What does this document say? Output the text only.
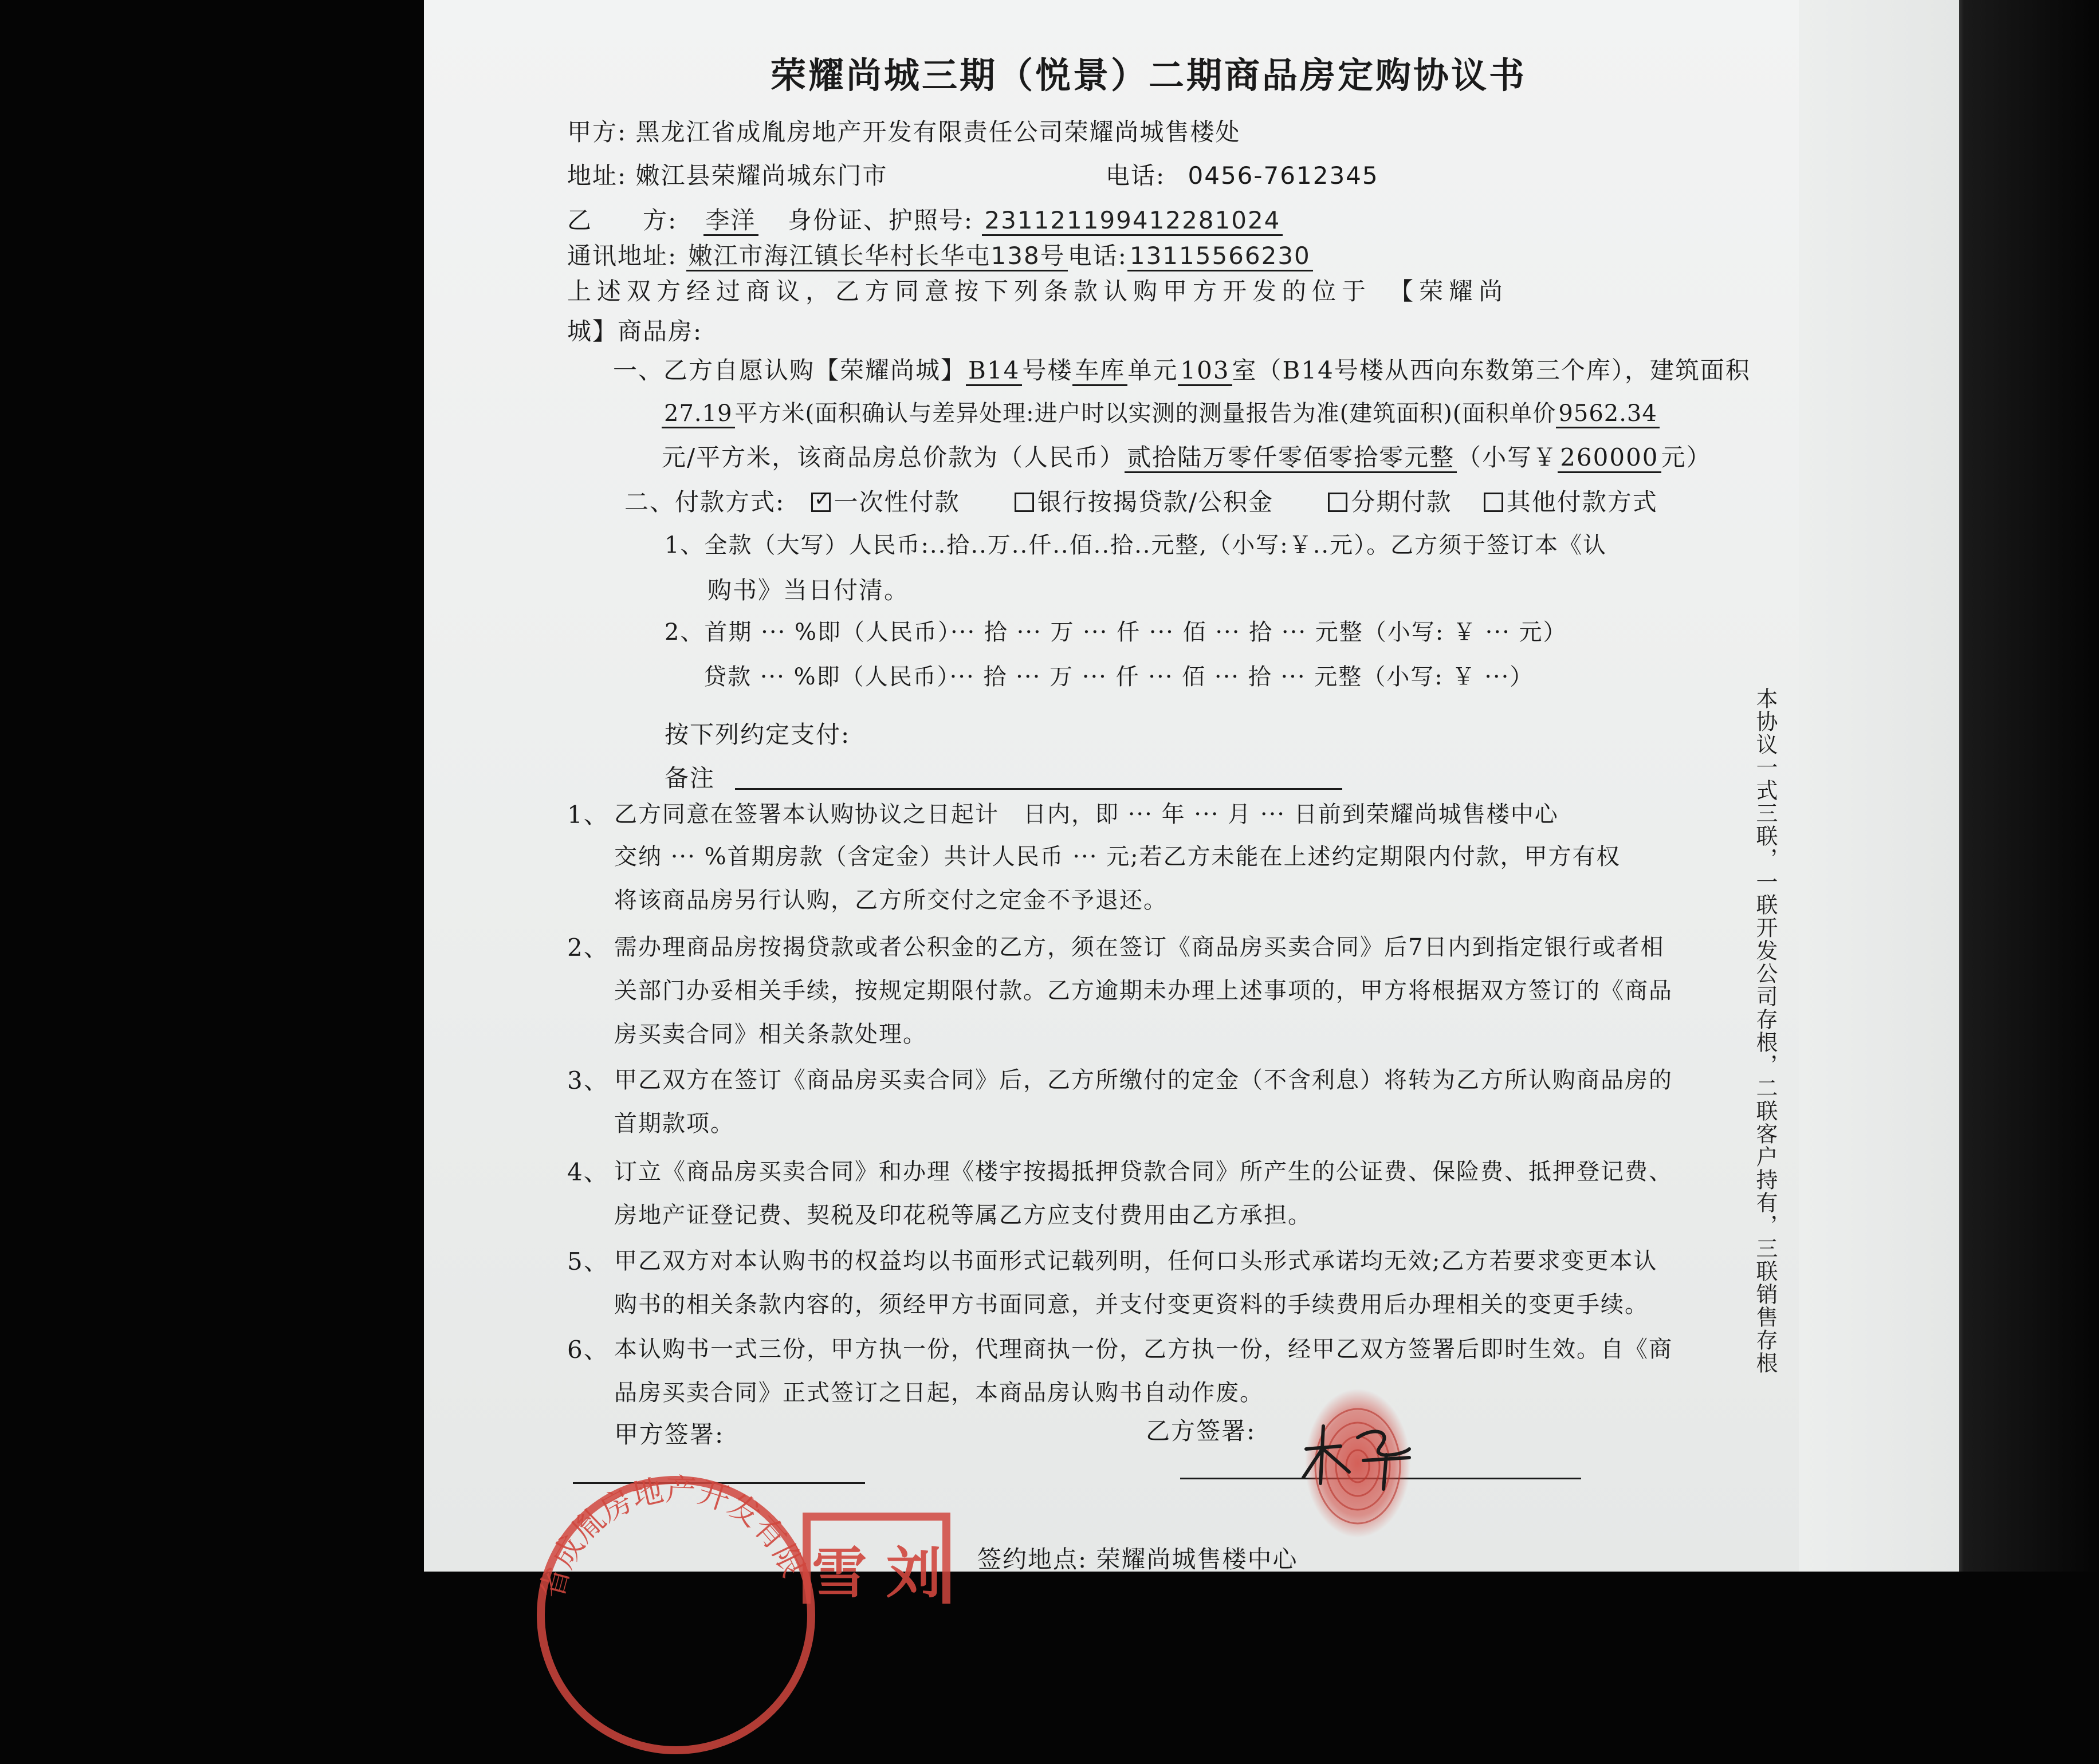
荣耀尚城三期（悦景）二期商品房定购协议书
甲方: 黑龙江省成胤房地产开发有限责任公司荣耀尚城售楼处
地址: 嫩江县荣耀尚城东门市	电话: 0456-7612345
乙　　方: 李洋 身份证、护照号: 231121199412281024
通讯地址: 嫩江市海江镇长华村长华屯138号电话:13115566230
上述双方经过商议，乙方同意按下列条款认购甲方开发的位于　【荣耀尚
城】商品房:
一、乙方自愿认购【荣耀尚城】B14号楼车库单元103室（B14号楼从西向东数第三个库），建筑面积
27.19 平方米(面积确认与差异处理:进户时以实测的测量报告为准(建筑面积)(面积单价 9562.34
元/平方米，该商品房总价款为（人民币）贰拾陆万零仟零佰零拾零元整（小写￥260000元）
二、付款方式: ✓ 一次性付款	银行按揭贷款/公积金	分期付款 其他付款方式
1、全款（大写）人民币:..拾..万..仟..佰..拾..元整,（小写:￥..元）。乙方须于签订本《认
购书》当日付清。
2、首期 ··· %即（人民币）··· 拾 ··· 万 ··· 仟 ··· 佰 ··· 拾 ··· 元整（小写: ￥ ··· 元）
贷款 ··· %即（人民币）··· 拾 ··· 万 ··· 仟 ··· 佰 ··· 拾 ··· 元整（小写: ￥ ···）
按下列约定支付:
备注
1、 乙方同意在签署本认购协议之日起计　日内，即 ··· 年 ··· 月 ··· 日前到荣耀尚城售楼中心
交纳 ··· %首期房款（含定金）共计人民币 ··· 元;若乙方未能在上述约定期限内付款，甲方有权
将该商品房另行认购，乙方所交付之定金不予退还。
2、 需办理商品房按揭贷款或者公积金的乙方，须在签订《商品房买卖合同》后7日内到指定银行或者相
关部门办妥相关手续，按规定期限付款。乙方逾期未办理上述事项的，甲方将根据双方签订的《商品
房买卖合同》相关条款处理。
3、 甲乙双方在签订《商品房买卖合同》后，乙方所缴付的定金（不含利息）将转为乙方所认购商品房的
首期款项。
4、 订立《商品房买卖合同》和办理《楼宇按揭抵押贷款合同》所产生的公证费、保险费、抵押登记费、
房地产证登记费、契税及印花税等属乙方应支付费用由乙方承担。
5、 甲乙双方对本认购书的权益均以书面形式记载列明，任何口头形式承诺均无效;乙方若要求变更本认
购书的相关条款内容的，须经甲方书面同意，并支付变更资料的手续费用后办理相关的变更手续。
6、 本认购书一式三份，甲方执一份，代理商执一份，乙方执一份，经甲乙双方签署后即时生效。自《商
品房买卖合同》正式签订之日起，本商品房认购书自动作废。
甲方签署:	乙方签署:
省成胤房地产开发有限 雪 刘 签约地点: 荣耀尚城售楼中心
本协议一式三联，一联开发公司存根，二联客户持有，三联销售存根
